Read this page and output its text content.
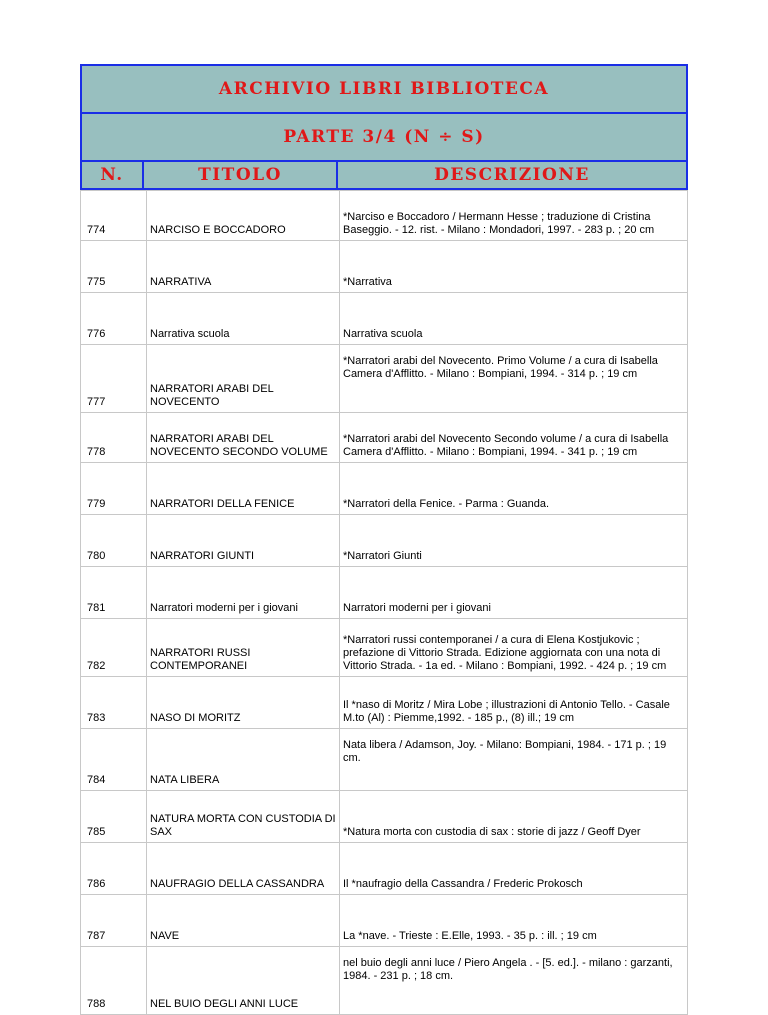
ARCHIVIO LIBRI BIBLIOTECA
PARTE 3/4 (N ÷ S)
N.	TITOLO	DESCRIZIONE
774	NARCISO E BOCCADORO	*Narciso e Boccadoro / Hermann Hesse ; traduzione di Cristina Baseggio. - 12. rist. - Milano : Mondadori, 1997. - 283 p. ; 20 cm
775	NARRATIVA	*Narrativa
776	Narrativa scuola	Narrativa scuola
777	NARRATORI ARABI DEL NOVECENTO	*Narratori arabi del Novecento. Primo Volume / a cura di Isabella Camera d'Afflitto. - Milano : Bompiani, 1994. - 314 p. ; 19 cm
778	NARRATORI ARABI DEL NOVECENTO SECONDO VOLUME	*Narratori arabi del Novecento Secondo volume / a cura di Isabella Camera d'Afflitto. - Milano : Bompiani, 1994. - 341 p. ; 19 cm
779	NARRATORI DELLA FENICE	*Narratori della Fenice. - Parma : Guanda.
780	NARRATORI GIUNTI	*Narratori Giunti
781	Narratori moderni per i giovani	Narratori moderni per i giovani
782	NARRATORI RUSSI CONTEMPORANEI	*Narratori russi contemporanei / a cura di Elena Kostjukovic ; prefazione di Vittorio Strada. Edizione aggiornata con una nota di Vittorio Strada. - 1a ed. - Milano : Bompiani, 1992. - 424 p. ; 19 cm
783	NASO DI MORITZ	Il *naso di Moritz / Mira Lobe ; illustrazioni di Antonio Tello. - Casale M.to (Al) : Piemme,1992. - 185 p., (8) ill.; 19 cm
784	NATA LIBERA	Nata libera / Adamson, Joy. - Milano: Bompiani, 1984. - 171 p. ; 19 cm.
785	NATURA MORTA CON CUSTODIA DI SAX	*Natura morta con custodia di sax : storie di jazz / Geoff Dyer
786	NAUFRAGIO DELLA CASSANDRA	Il *naufragio della Cassandra / Frederic Prokosch
787	NAVE	La *nave. - Trieste : E.Elle, 1993. - 35 p. : ill. ; 19 cm
788	NEL BUIO DEGLI ANNI LUCE	nel buio degli anni luce / Piero Angela . - [5. ed.]. - milano : garzanti, 1984. - 231 p. ; 18 cm.
